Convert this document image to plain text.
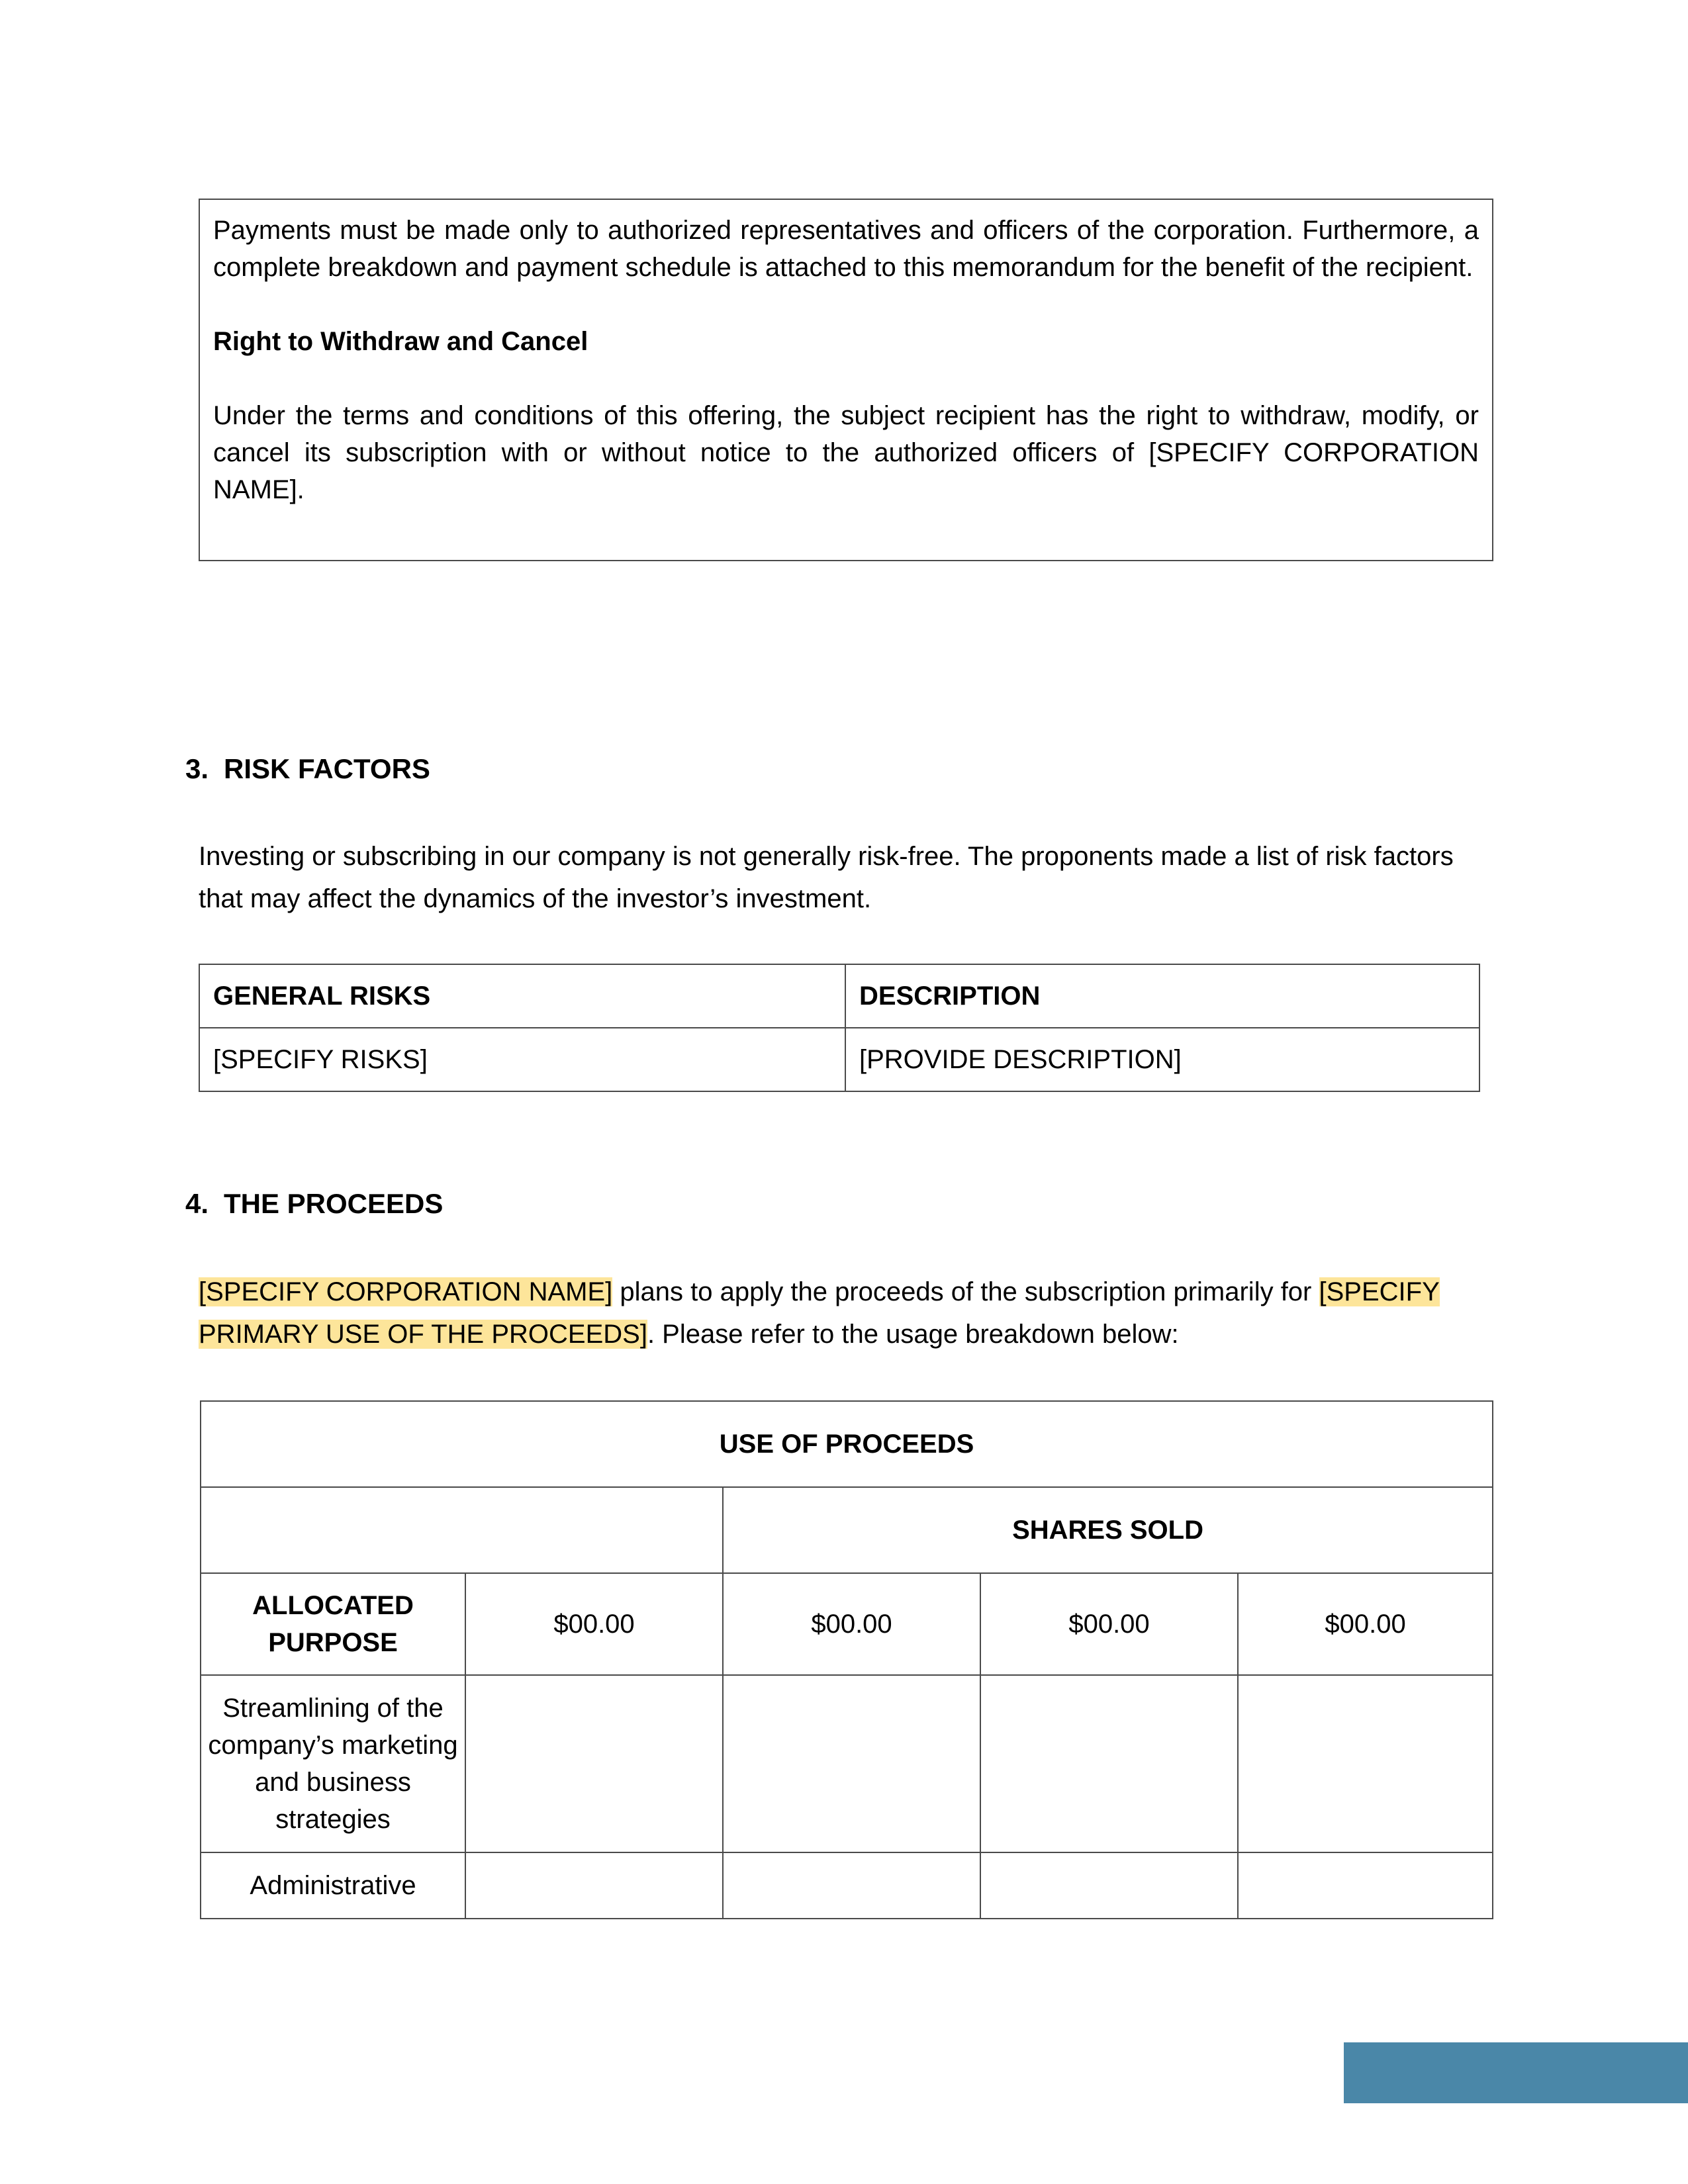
Payments must be made only to authorized representatives and officers of the corporation. Furthermore, a complete breakdown and payment schedule is attached to this memorandum for the benefit of the recipient.

Right to Withdraw and Cancel

Under the terms and conditions of this offering, the subject recipient has the right to withdraw, modify, or cancel its subscription with or without notice to the authorized officers of [SPECIFY CORPORATION NAME].

3. RISK FACTORS

Investing or subscribing in our company is not generally risk-free. The proponents made a list of risk factors that may affect the dynamics of the investor’s investment.

GENERAL RISKS	DESCRIPTION
[SPECIFY RISKS]	[PROVIDE DESCRIPTION]
4. THE PROCEEDS

[SPECIFY CORPORATION NAME] plans to apply the proceeds of the subscription primarily for [SPECIFY PRIMARY USE OF THE PROCEEDS]. Please refer to the usage breakdown below:

USE OF PROCEEDS				
		SHARES SOLD		
ALLOCATED PURPOSE	$00.00	$00.00	$00.00	$00.00
Streamlining of the company’s marketing and business strategies				
Administrative				
